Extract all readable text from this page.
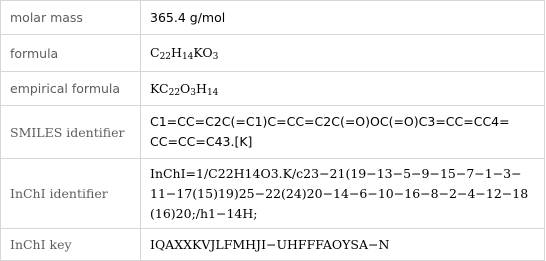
molar mass	365.4 g/mol
formula	$C_{22}H_{14}KO_3$
empirical formula	$KC_{22}O_3H_{14}$
SMILES identifier	C1=CC=C2C(=C1)C=CC=C2C(=O)OC(=O)C3=CC=CC4=
CC=CC=C43.[K]

InChI identifier	InChI=1/C22H14O3.K/c23−21(19−13−5−9−15−7−1−3−
11−17(15)19)25−22(24)20−14−6−10−16−8−2−4−12−18
(16)20;/h1−14H;

InChI key	IQAXXKVJLFMHJI−UHFFFAOYSA−N
